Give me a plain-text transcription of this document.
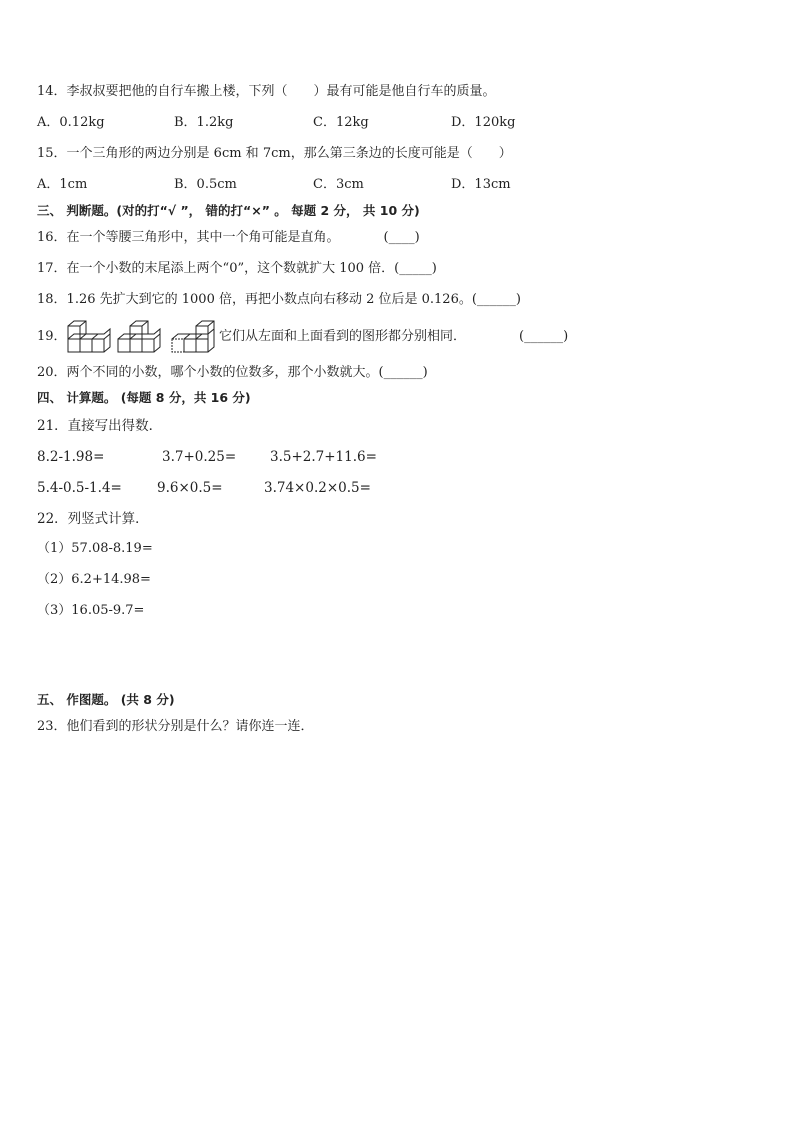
14．李叔叔要把他的自行车搬上楼，下列（　　）最有可能是他自行车的质量。
A．0.12kg	B．1.2kg	C．12kg	D．120kg
15．一个三角形的两边分别是 6cm 和 7cm，那么第三条边的长度可能是（　　）
A．1cm	B．0.5cm	C．3cm	D．13cm
三、 判断题。(对的打“√ ”， 错的打“×” 。 每题 2 分， 共 10 分)
16．在一个等腰三角形中，其中一个角可能是直角。	(____)
17．在一个小数的末尾添上两个“0”，这个数就扩大 100 倍．(_____)
18．1.26 先扩大到它的 1000 倍，再把小数点向右移动 2 位后是 0.126。(______)
19．	它们从左面和上面看到的图形都分别相同．	(______)
20．两个不同的小数，哪个小数的位数多，那个小数就大。(______)
四、 计算题。 (每题 8 分，共 16 分)
21．直接写出得数．
8.2-1.98=	3.7+0.25=	3.5+2.7+11.6=
5.4-0.5-1.4=	9.6×0.5=	3.74×0.2×0.5=
22．列竖式计算．
（1）57.08-8.19=
（2）6.2+14.98=
（3）16.05-9.7=
五、 作图题。 (共 8 分)
23．他们看到的形状分别是什么？请你连一连．
